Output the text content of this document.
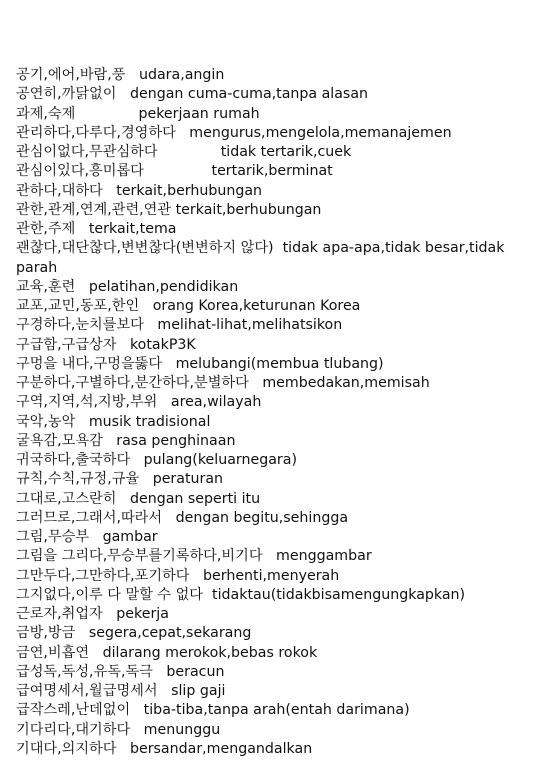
공기,에어,바람,풍   udara,angin
공연히,까닭없이   dengan cuma-cuma,tanpa alasan
과제,숙제              pekerjaan rumah
관리하다,다루다,경영하다   mengurus,mengelola,memanajemen
관심이없다,무관심하다              tidak tertarik,cuek
관심이있다,흥미롭다               tertarik,berminat
관하다,대하다   terkait,berhubungan
관한,관계,연계,관련,연관 terkait,berhubungan
관한,주제   terkait,tema
괜찮다,대단찮다,변변찮다(변변하지 않다)  tidak apa-apa,tidak besar,tidak parah
교육,훈련   pelatihan,pendidikan
교포,교민,동포,한인   orang Korea,keturunan Korea
구경하다,눈치를보다   melihat-lihat,melihatsikon
구급함,구급상자   kotakP3K
구멍을 내다,구멍을뚫다   melubangi(membua tlubang)
구분하다,구별하다,분간하다,분별하다   membedakan,memisah
구역,지역,석,지방,부위   area,wilayah
국악,농악   musik tradisional
굴욕감,모욕감   rasa penghinaan
귀국하다,출국하다   pulang(keluarnegara)
규칙,수칙,규정,규율   peraturan
그대로,고스란히   dengan seperti itu
그러므로,그래서,따라서   dengan begitu,sehingga
그림,무승부   gambar
그림을 그리다,무승부를기록하다,비기다   menggambar
그만두다,그만하다,포기하다   berhenti,menyerah
그지없다,이루 다 말할 수 없다  tidaktau(tidakbisamengungkapkan)
근로자,취업자   pekerja
금방,방금   segera,cepat,sekarang
금연,비흡연   dilarang merokok,bebas rokok
급성독,독성,유독,독극   beracun
급여명세서,월급명세서   slip gaji
급작스레,난데없이   tiba-tiba,tanpa arah(entah darimana)
기다리다,대기하다   menunggu
기대다,의지하다   bersandar,mengandalkan
